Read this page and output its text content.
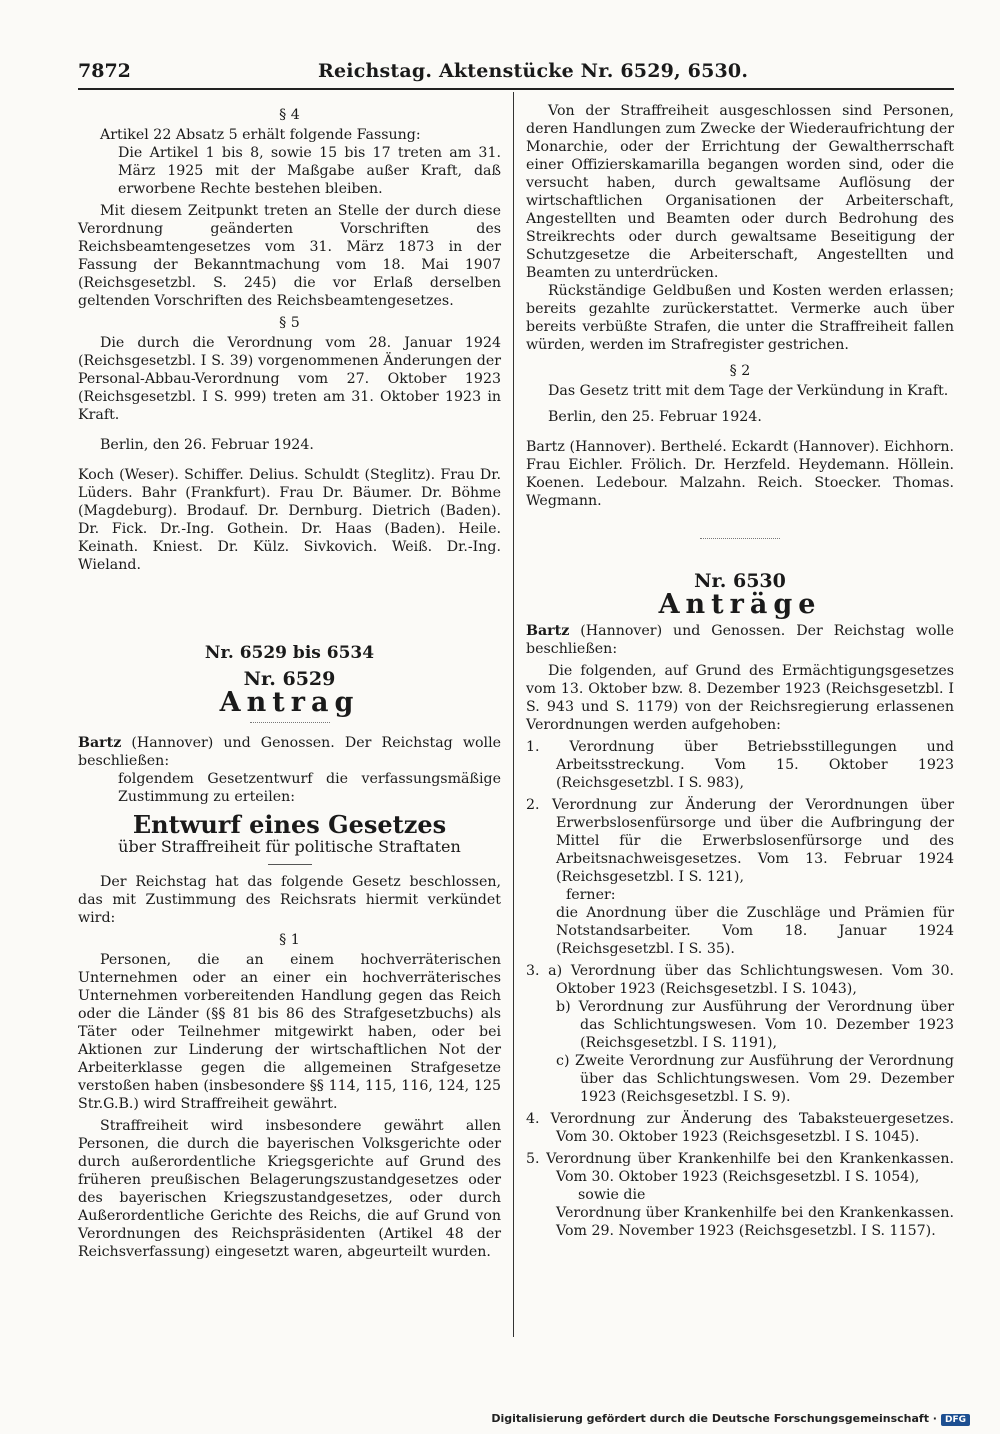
7872	Reichstag. Aktenstücke Nr. 6529, 6530.

§ 4

Artikel 22 Absatz 5 erhält folgende Fassung:

Die Artikel 1 bis 8, sowie 15 bis 17 treten am 31. März 1925 mit der Maßgabe außer Kraft, daß erworbene Rechte bestehen bleiben.

Mit diesem Zeitpunkt treten an Stelle der durch diese Verordnung geänderten Vorschriften des Reichsbeamtengesetzes vom 31. März 1873 in der Fassung der Bekanntmachung vom 18. Mai 1907 (Reichsgesetzbl. S. 245) die vor Erlaß derselben geltenden Vorschriften des Reichsbeamtengesetzes.

§ 5

Die durch die Verordnung vom 28. Januar 1924 (Reichsgesetzbl. I S. 39) vorgenommenen Änderungen der Personal-Abbau-Verordnung vom 27. Oktober 1923 (Reichsgesetzbl. I S. 999) treten am 31. Oktober 1923 in Kraft.

Berlin, den 26. Februar 1924.

Koch (Weser). Schiffer. Delius. Schuldt (Steglitz). Frau Dr. Lüders. Bahr (Frankfurt). Frau Dr. Bäumer. Dr. Böhme (Magdeburg). Brodauf. Dr. Dernburg. Dietrich (Baden). Dr. Fick. Dr.-Ing. Gothein. Dr. Haas (Baden). Heile. Keinath. Kniest. Dr. Külz. Sivkovich. Weiß. Dr.-Ing. Wieland.

Nr. 6529 bis 6534

Nr. 6529

Antrag

Bartz (Hannover) und Genossen. Der Reichstag wolle beschließen:

folgendem Gesetzentwurf die verfassungsmäßige Zustimmung zu erteilen:

Entwurf eines Gesetzes

über Straffreiheit für politische Straftaten

Der Reichstag hat das folgende Gesetz beschlossen, das mit Zustimmung des Reichsrats hiermit verkündet wird:

§ 1

Personen, die an einem hochverräterischen Unternehmen oder an einer ein hochverräterisches Unternehmen vorbereitenden Handlung gegen das Reich oder die Länder (§§ 81 bis 86 des Strafgesetzbuchs) als Täter oder Teilnehmer mitgewirkt haben, oder bei Aktionen zur Linderung der wirtschaftlichen Not der Arbeiterklasse gegen die allgemeinen Strafgesetze verstoßen haben (insbesondere §§ 114, 115, 116, 124, 125 Str.G.B.) wird Straffreiheit gewährt.

Straffreiheit wird insbesondere gewährt allen Personen, die durch die bayerischen Volksgerichte oder durch außerordentliche Kriegsgerichte auf Grund des früheren preußischen Belagerungszustandgesetzes oder des bayerischen Kriegszustandgesetzes, oder durch Außerordentliche Gerichte des Reichs, die auf Grund von Verordnungen des Reichspräsidenten (Artikel 48 der Reichsverfassung) eingesetzt waren, abgeurteilt wurden.

Von der Straffreiheit ausgeschlossen sind Personen, deren Handlungen zum Zwecke der Wiederaufrichtung der Monarchie, oder der Errichtung der Gewaltherrschaft einer Offizierskamarilla begangen worden sind, oder die versucht haben, durch gewaltsame Auflösung der wirtschaftlichen Organisationen der Arbeiterschaft, Angestellten und Beamten oder durch Bedrohung des Streikrechts oder durch gewaltsame Beseitigung der Schutzgesetze die Arbeiterschaft, Angestellten und Beamten zu unterdrücken.

Rückständige Geldbußen und Kosten werden erlassen; bereits gezahlte zurückerstattet. Vermerke auch über bereits verbüßte Strafen, die unter die Straffreiheit fallen würden, werden im Strafregister gestrichen.

§ 2

Das Gesetz tritt mit dem Tage der Verkündung in Kraft.

Berlin, den 25. Februar 1924.

Bartz (Hannover). Berthelé. Eckardt (Hannover). Eichhorn. Frau Eichler. Frölich. Dr. Herzfeld. Heydemann. Höllein. Koenen. Ledebour. Malzahn. Reich. Stoecker. Thomas. Wegmann.

Nr. 6530

Anträge

Bartz (Hannover) und Genossen. Der Reichstag wolle beschließen:

Die folgenden, auf Grund des Ermächtigungsgesetzes vom 13. Oktober bzw. 8. Dezember 1923 (Reichsgesetzbl. I S. 943 und S. 1179) von der Reichsregierung erlassenen Verordnungen werden aufgehoben:

1. Verordnung über Betriebsstillegungen und Arbeitsstreckung. Vom 15. Oktober 1923 (Reichsgesetzbl. I S. 983),

2. Verordnung zur Änderung der Verordnungen über Erwerbslosenfürsorge und über die Aufbringung der Mittel für die Erwerbslosenfürsorge und des Arbeitsnachweisgesetzes. Vom 13. Februar 1924 (Reichsgesetzbl. I S. 121),

ferner:

die Anordnung über die Zuschläge und Prämien für Notstandsarbeiter. Vom 18. Januar 1924 (Reichsgesetzbl. I S. 35).

3. a) Verordnung über das Schlichtungswesen. Vom 30. Oktober 1923 (Reichsgesetzbl. I S. 1043),

b) Verordnung zur Ausführung der Verordnung über das Schlichtungswesen. Vom 10. Dezember 1923 (Reichsgesetzbl. I S. 1191),

c) Zweite Verordnung zur Ausführung der Verordnung über das Schlichtungswesen. Vom 29. Dezember 1923 (Reichsgesetzbl. I S. 9).

4. Verordnung zur Änderung des Tabaksteuergesetzes. Vom 30. Oktober 1923 (Reichsgesetzbl. I S. 1045).

5. Verordnung über Krankenhilfe bei den Krankenkassen. Vom 30. Oktober 1923 (Reichsgesetzbl. I S. 1054),

sowie die

Verordnung über Krankenhilfe bei den Krankenkassen. Vom 29. November 1923 (Reichsgesetzbl. I S. 1157).

Digitalisierung gefördert durch die Deutsche Forschungsgemeinschaft · DFG
